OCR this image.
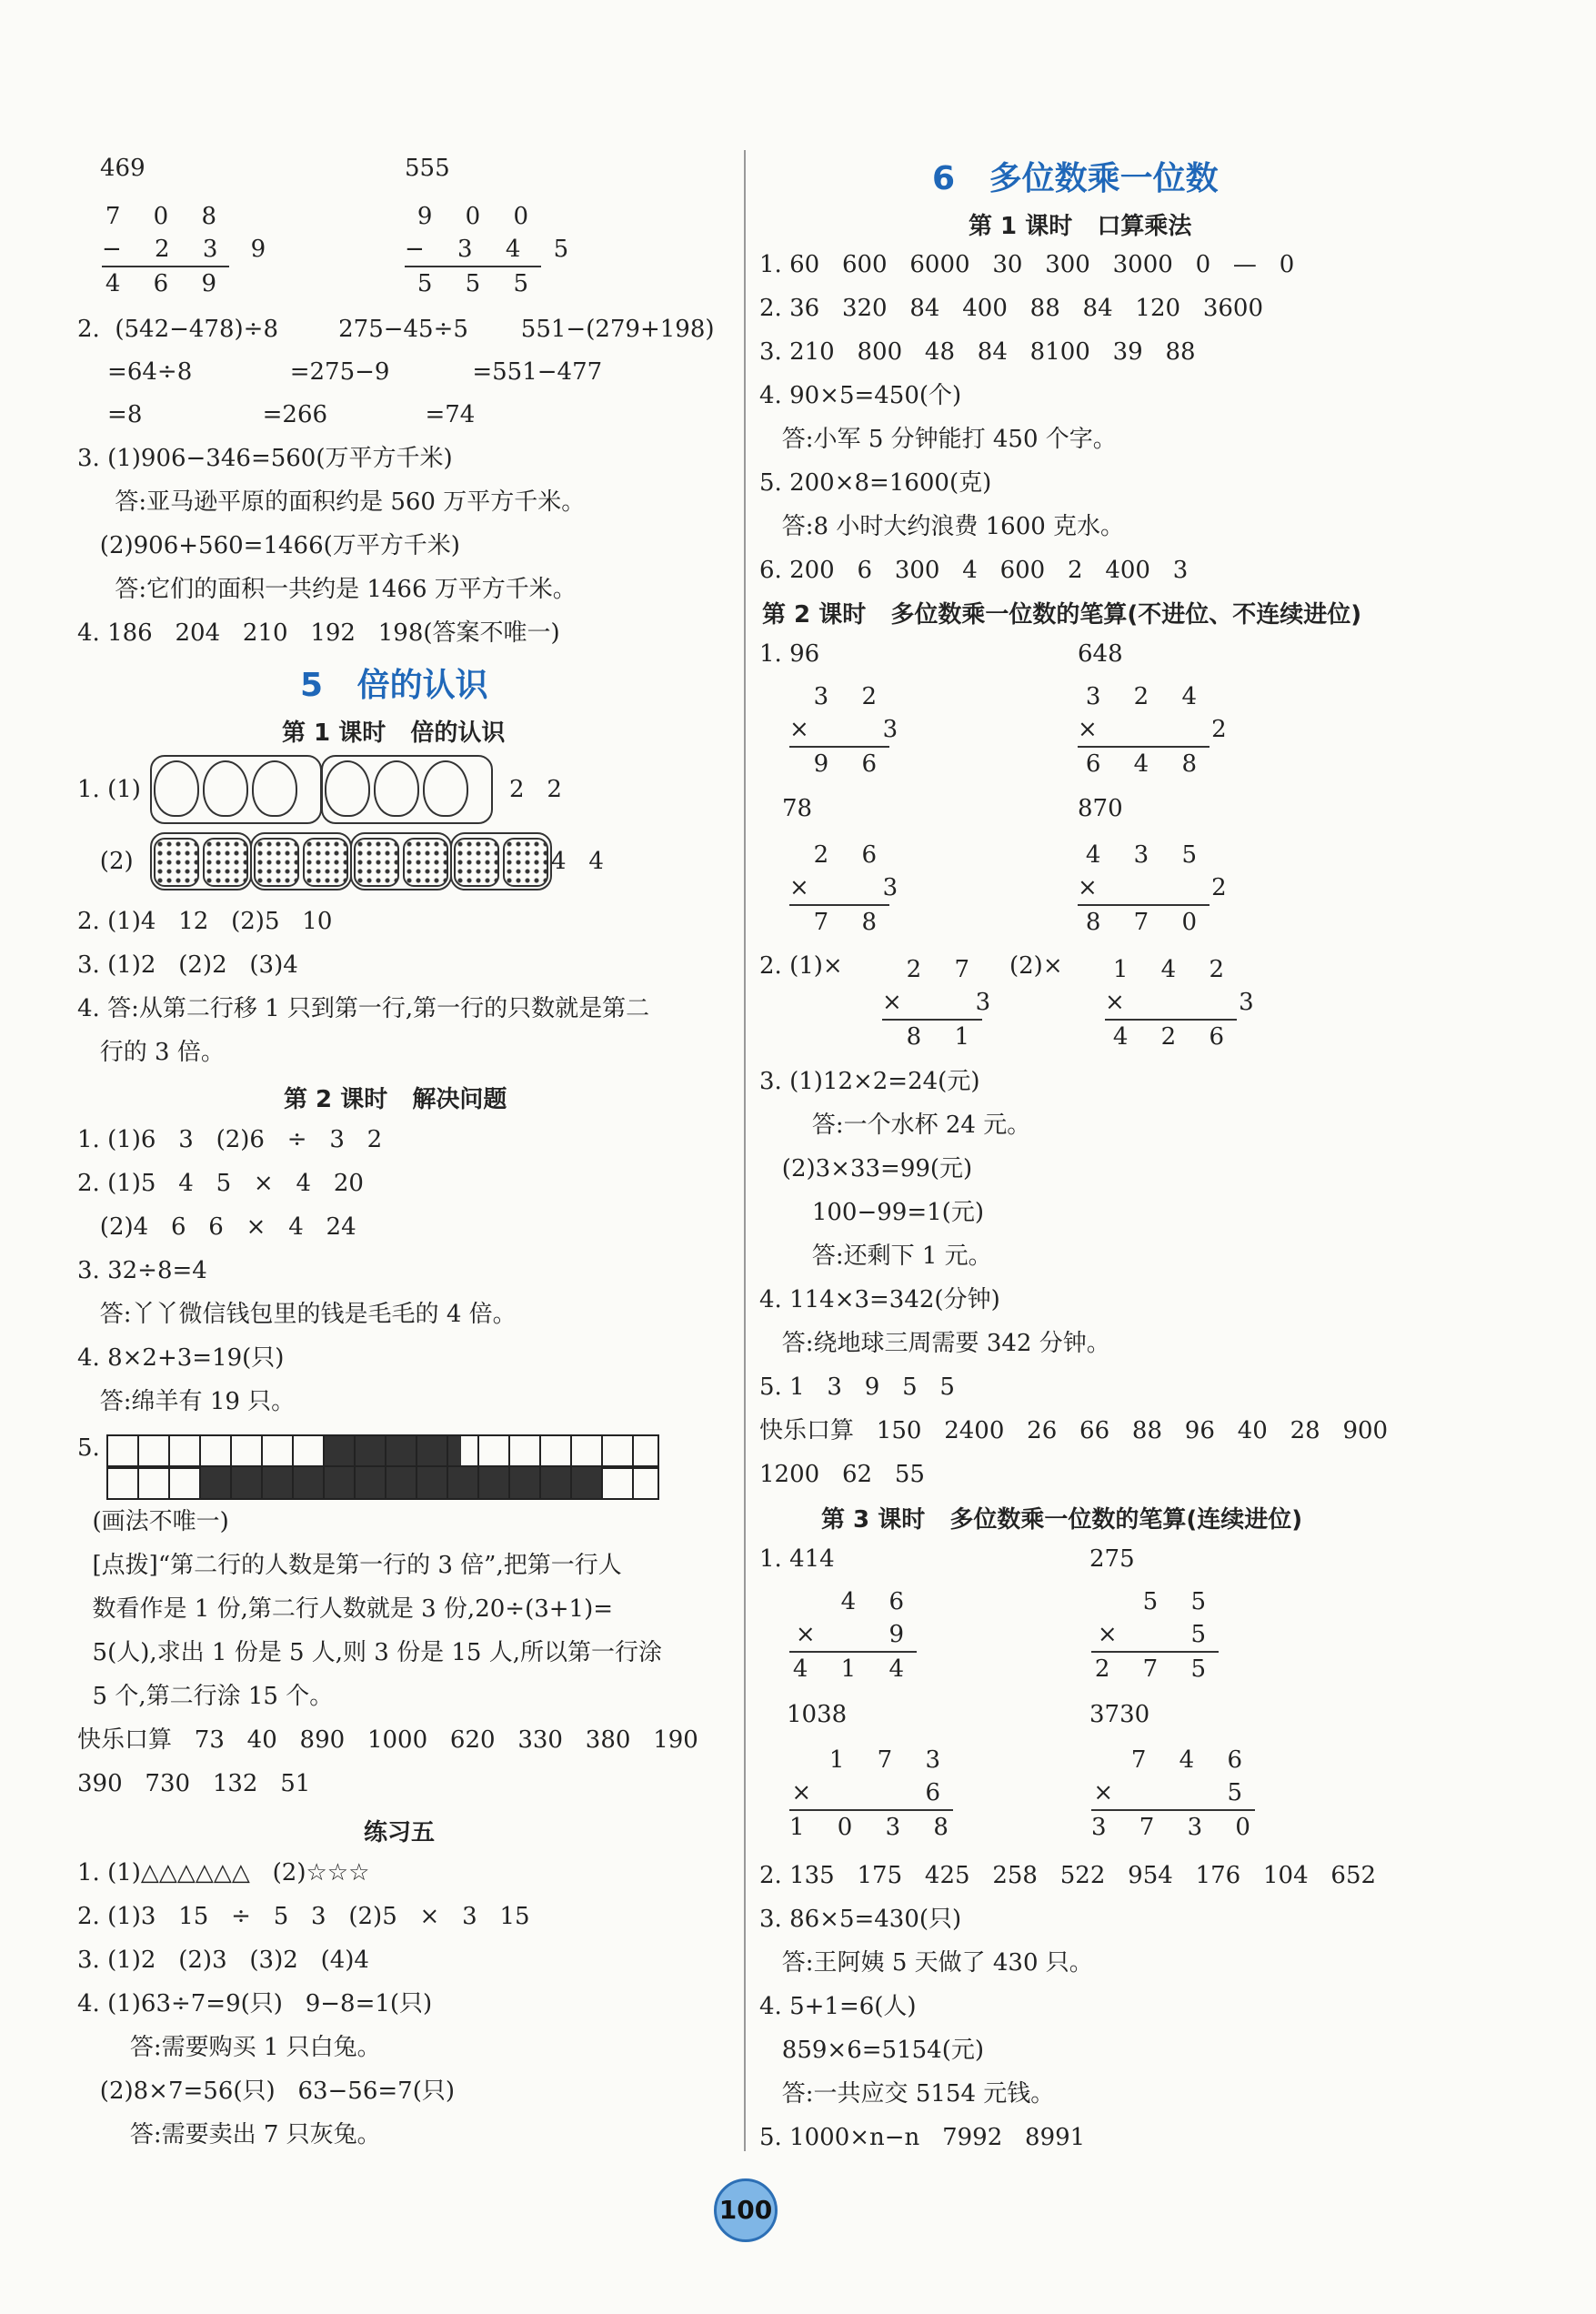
469	555
7 0 8
− 2 3 9
4 6 9
9 0 0
− 3 4 5
5 5 5
2.  (542−478)÷8        275−45÷5       551−(279+198)
=64÷8             =275−9           =551−477
=8                =266             =74
3. (1)906−346=560(万平方千米)
答:亚马逊平原的面积约是 560 万平方千米。
(2)906+560=1466(万平方千米)
答:它们的面积一共约是 1466 万平方千米。
4. 186   204   210   192   198(答案不唯一)
5   倍的认识
第 1 课时   倍的认识
1. (1)	2   2
(2)	4   4
2. (1)4   12   (2)5   10
3. (1)2   (2)2   (3)4
4. 答:从第二行移 1 只到第一行,第一行的只数就是第二
行的 3 倍。
第 2 课时   解决问题
1. (1)6   3   (2)6   ÷   3   2
2. (1)5   4   5   ×   4   20
(2)4   6   6   ×   4   24
3. 32÷8=4
答:丫丫微信钱包里的钱是毛毛的 4 倍。
4. 8×2+3=19(只)
答:绵羊有 19 只。
5.
(画法不唯一)
[点拨]“第二行的人数是第一行的 3 倍”,把第一行人
数看作是 1 份,第二行人数就是 3 份,20÷(3+1)=
5(人),求出 1 份是 5 人,则 3 份是 15 人,所以第一行涂
5 个,第二行涂 15 个。
快乐口算   73   40   890   1000   620   330   380   190
390   730   132   51
练习五
1. (1)△△△△△△   (2)☆☆☆
2. (1)3   15   ÷   5   3   (2)5   ×   3   15
3. (1)2   (2)3   (3)2   (4)4
4. (1)63÷7=9(只)   9−8=1(只)
答:需要购买 1 只白兔。
(2)8×7=56(只)   63−56=7(只)
答:需要卖出 7 只灰兔。
6   多位数乘一位数
第 1 课时   口算乘法
1. 60   600   6000   30   300   3000   0   —   0
2. 36   320   84   400   88   84   120   3600
3. 210   800   48   84   8100   39   88
4. 90×5=450(个)
答:小军 5 分钟能打 450 个字。
5. 200×8=1600(克)
答:8 小时大约浪费 1600 克水。
6. 200   6   300   4   600   2   400   3
第 2 课时   多位数乘一位数的笔算(不进位、不连续进位)
1. 96	648
3 2
×   3
9 6
3 2 4
×     2
6 4 8
78	870
2 6
×   3
7 8
4 3 5
×     2
8 7 0
2. (1)×	2 7
×   3
8 1
(2)×	1 4 2
×     3
4 2 6
3. (1)12×2=24(元)
答:一个水杯 24 元。
(2)3×33=99(元)
100−99=1(元)
答:还剩下 1 元。
4. 114×3=342(分钟)
答:绕地球三周需要 342 分钟。
5. 1   3   9   5   5
快乐口算   150   2400   26   66   88   96   40   28   900
1200   62   55
第 3 课时   多位数乘一位数的笔算(连续进位)
1. 414	275
4 6
×   9
4 1 4
5 5
×   5
2 7 5
1038	3730
1 7 3
×     6
1 0 3 8
7 4 6
×     5
3 7 3 0
2. 135   175   425   258   522   954   176   104   652
3. 86×5=430(只)
答:王阿姨 5 天做了 430 只。
4. 5+1=6(人)
859×6=5154(元)
答:一共应交 5154 元钱。
5. 1000×n−n   7992   8991
100
